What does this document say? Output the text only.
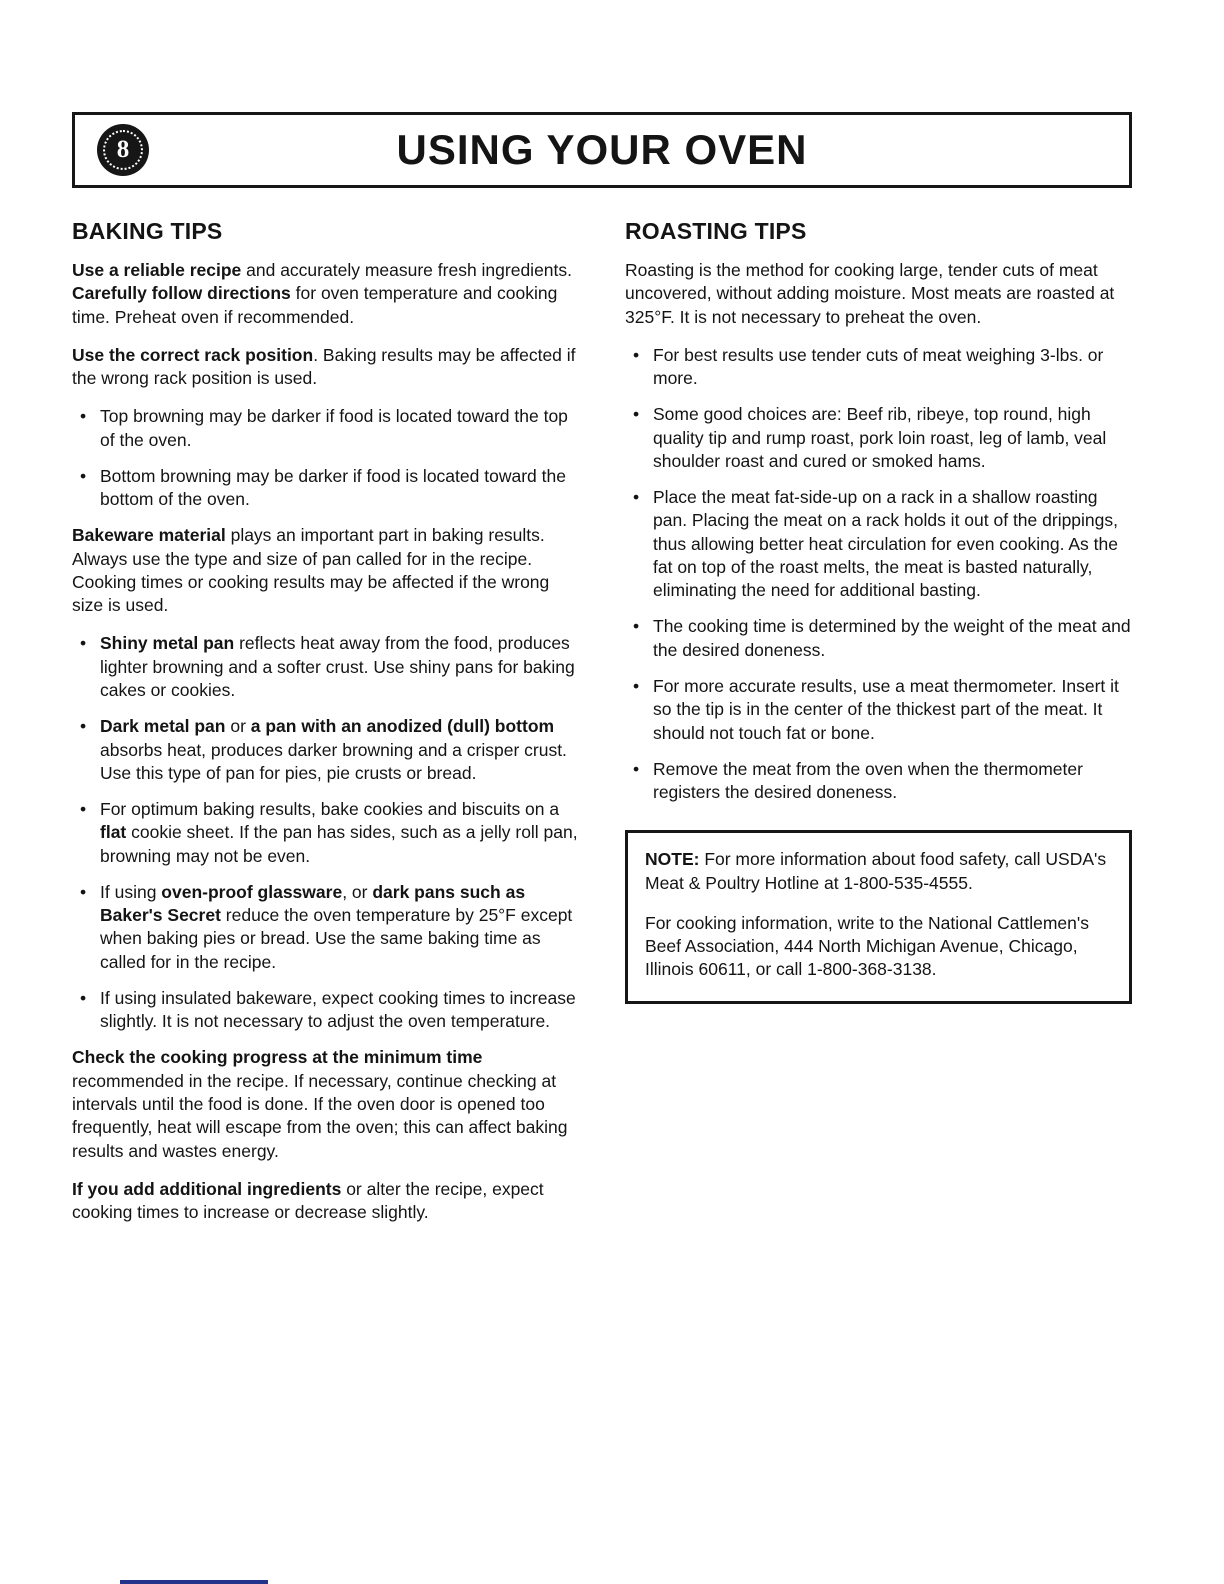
8	USING YOUR OVEN
BAKING TIPS

Use a reliable recipe and accurately measure fresh ingredients. Carefully follow directions for oven temperature and cooking time. Preheat oven if recommended.

Use the correct rack position. Baking results may be affected if the wrong rack position is used.

• Top browning may be darker if food is located toward the top of the oven.
• Bottom browning may be darker if food is located toward the bottom of the oven.

Bakeware material plays an important part in baking results. Always use the type and size of pan called for in the recipe. Cooking times or cooking results may be affected if the wrong size is used.

• Shiny metal pan reflects heat away from the food, produces lighter browning and a softer crust. Use shiny pans for baking cakes or cookies.
• Dark metal pan or a pan with an anodized (dull) bottom absorbs heat, produces darker browning and a crisper crust. Use this type of pan for pies, pie crusts or bread.
• For optimum baking results, bake cookies and biscuits on a flat cookie sheet. If the pan has sides, such as a jelly roll pan, browning may not be even.
• If using oven-proof glassware, or dark pans such as Baker's Secret reduce the oven temperature by 25°F except when baking pies or bread. Use the same baking time as called for in the recipe.
• If using insulated bakeware, expect cooking times to increase slightly. It is not necessary to adjust the oven temperature.

Check the cooking progress at the minimum time recommended in the recipe. If necessary, continue checking at intervals until the food is done. If the oven door is opened too frequently, heat will escape from the oven; this can affect baking results and wastes energy.

If you add additional ingredients or alter the recipe, expect cooking times to increase or decrease slightly.

ROASTING TIPS

Roasting is the method for cooking large, tender cuts of meat uncovered, without adding moisture. Most meats are roasted at 325°F. It is not necessary to preheat the oven.

• For best results use tender cuts of meat weighing 3-lbs. or more.
• Some good choices are: Beef rib, ribeye, top round, high quality tip and rump roast, pork loin roast, leg of lamb, veal shoulder roast and cured or smoked hams.
• Place the meat fat-side-up on a rack in a shallow roasting pan. Placing the meat on a rack holds it out of the drippings, thus allowing better heat circulation for even cooking. As the fat on top of the roast melts, the meat is basted naturally, eliminating the need for additional basting.
• The cooking time is determined by the weight of the meat and the desired doneness.
• For more accurate results, use a meat thermometer. Insert it so the tip is in the center of the thickest part of the meat. It should not touch fat or bone.
• Remove the meat from the oven when the thermometer registers the desired doneness.

NOTE: For more information about food safety, call USDA's Meat & Poultry Hotline at 1-800-535-4555.

For cooking information, write to the National Cattlemen's Beef Association, 444 North Michigan Avenue, Chicago, Illinois 60611, or call 1-800-368-3138.
